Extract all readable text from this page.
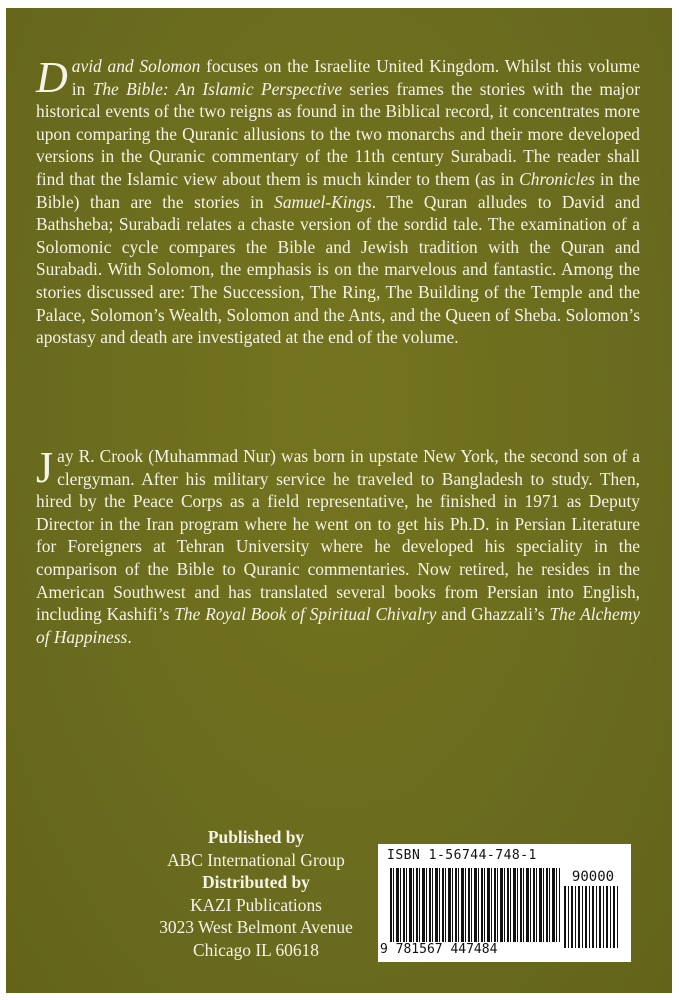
David and Solomon focuses on the Israelite United Kingdom. Whilst this volume in The Bible: An Islamic Perspective series frames the stories with the major historical events of the two reigns as found in the Biblical record, it concentrates more upon comparing the Quranic allusions to the two monarchs and their more developed versions in the Quranic commentary of the 11th century Surabadi. The reader shall find that the Islamic view about them is much kinder to them (as in Chronicles in the Bible) than are the stories in Samuel-Kings. The Quran alludes to David and Bathsheba; Surabadi relates a chaste version of the sordid tale. The examination of a Solomonic cycle compares the Bible and Jewish tradition with the Quran and Surabadi. With Solomon, the emphasis is on the marvelous and fantastic. Among the stories discussed are: The Succession, The Ring, The Building of the Temple and the Palace, Solomon’s Wealth, Solomon and the Ants, and the Queen of Sheba. Solomon’s apostasy and death are investigated at the end of the volume.

Jay R. Crook (Muhammad Nur) was born in upstate New York, the second son of a clergyman. After his military service he traveled to Bangladesh to study. Then, hired by the Peace Corps as a field representative, he finished in 1971 as Deputy Director in the Iran program where he went on to get his Ph.D. in Persian Literature for Foreigners at Tehran University where he developed his speciality in the comparison of the Bible to Quranic commentaries. Now retired, he resides in the American Southwest and has translated several books from Persian into English, including Kashifi’s The Royal Book of Spiritual Chivalry and Ghazzali’s The Alchemy of Happiness.

Published by
ABC International Group
Distributed by
KAZI Publications
3023 West Belmont Avenue
Chicago IL 60618
ISBN 1-56744-748-1
90000
9 781567 447484
